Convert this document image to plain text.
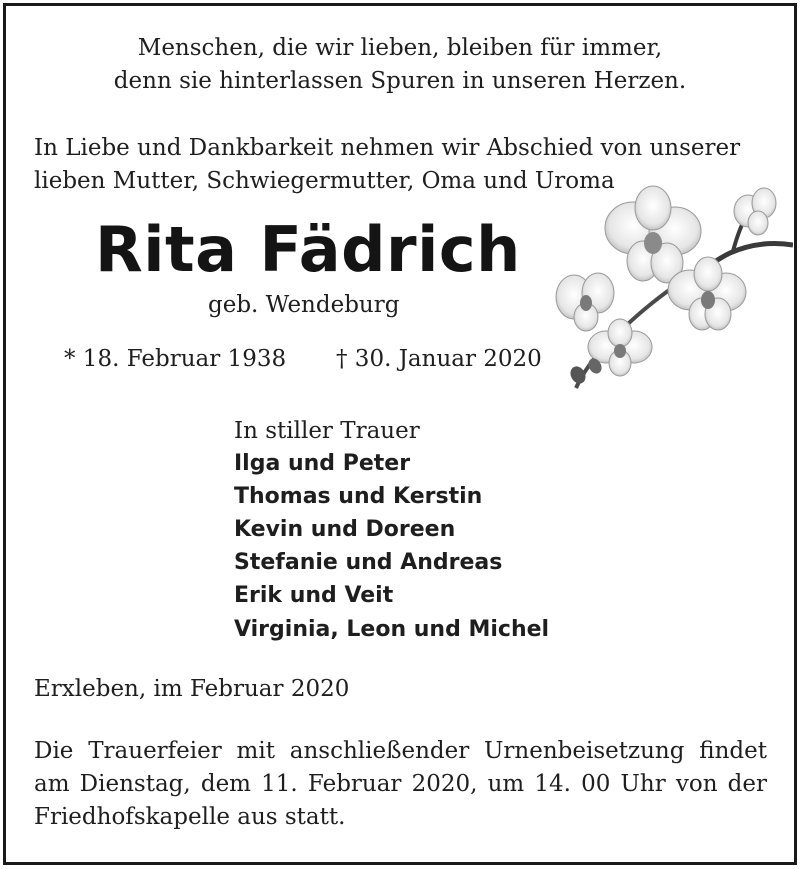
Menschen, die wir lieben, bleiben für immer,
denn sie hinterlassen Spuren in unseren Herzen.
In Liebe und Dankbarkeit nehmen wir Abschied von unserer
lieben Mutter, Schwiegermutter, Oma und Uroma
Rita Fädrich
geb. Wendeburg
* 18. Februar 1938 † 30. Januar 2020
In stiller Trauer
Ilga und Peter
Thomas und Kerstin
Kevin und Doreen
Stefanie und Andreas
Erik und Veit
Virginia, Leon und Michel
Erxleben, im Februar 2020
Die Trauerfeier mit anschließender Urnenbeisetzung findet
am Dienstag, dem 11. Februar 2020, um 14. 00 Uhr von der
Friedhofskapelle aus statt.
